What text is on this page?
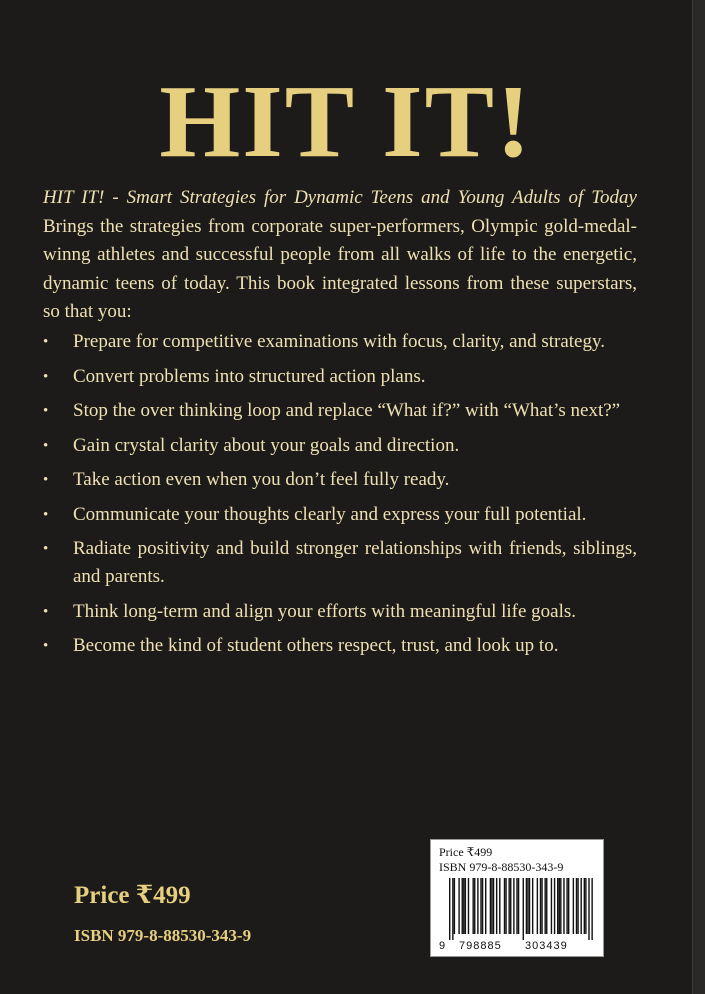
HIT IT!
HIT IT! - Smart Strategies for Dynamic Teens and Young Adults of Today Brings the strategies from corporate super-performers, Olympic gold-medal-winng athletes and successful people from all walks of life to the energetic, dynamic teens of today. This book integrated lessons from these superstars, so that you:
• Prepare for competitive examinations with focus, clarity, and strategy.
• Convert problems into structured action plans.
• Stop the over thinking loop and replace “What if?” with “What’s next?”
• Gain crystal clarity about your goals and direction.
• Take action even when you don’t feel fully ready.
• Communicate your thoughts clearly and express your full potential.
• Radiate positivity and build stronger relationships with friends, siblings, and parents.
• Think long-term and align your efforts with meaningful life goals.
• Become the kind of student others respect, trust, and look up to.
Price ₹499
ISBN 979-8-88530-343-9
Price ₹499
ISBN 979-8-88530-343-9
9 798885 303439
